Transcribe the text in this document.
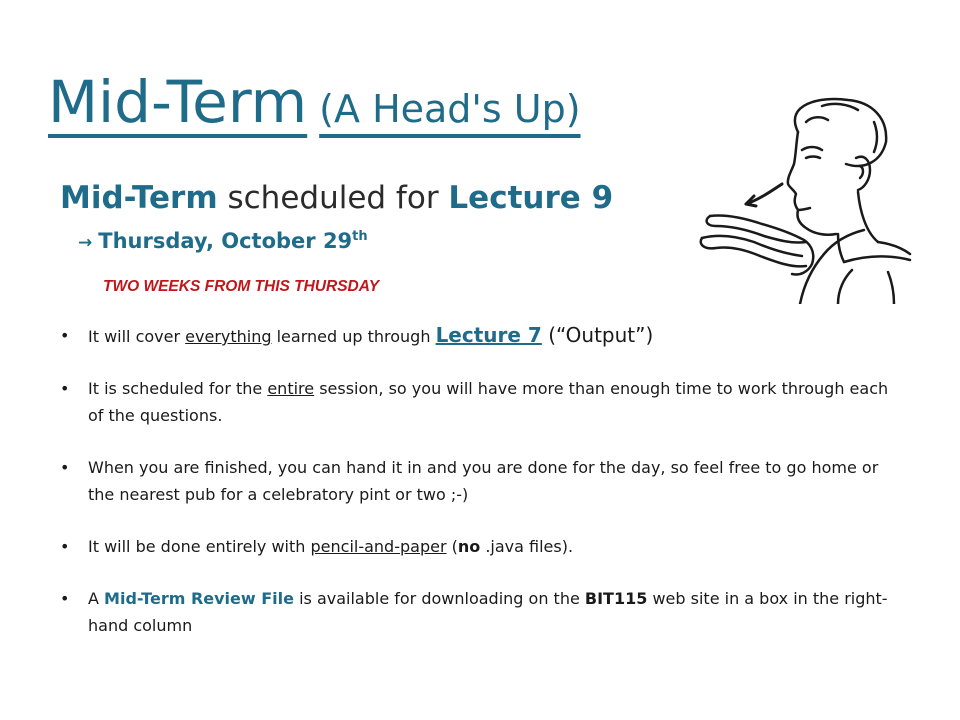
Mid-Term (A Head's Up)
Mid-Term scheduled for Lecture 9
→ Thursday, October 29th
TWO WEEKS FROM THIS THURSDAY
• It will cover everything learned up through Lecture 7 (“Output”)
• It is scheduled for the entire session, so you will have more than enough time to work through each of the questions.
• When you are finished, you can hand it in and you are done for the day, so feel free to go home or the nearest pub for a celebratory pint or two ;-)
• It will be done entirely with pencil-and-paper (no .java files).
• A Mid-Term Review File is available for downloading on the BIT115 web site in a box in the right-hand column
